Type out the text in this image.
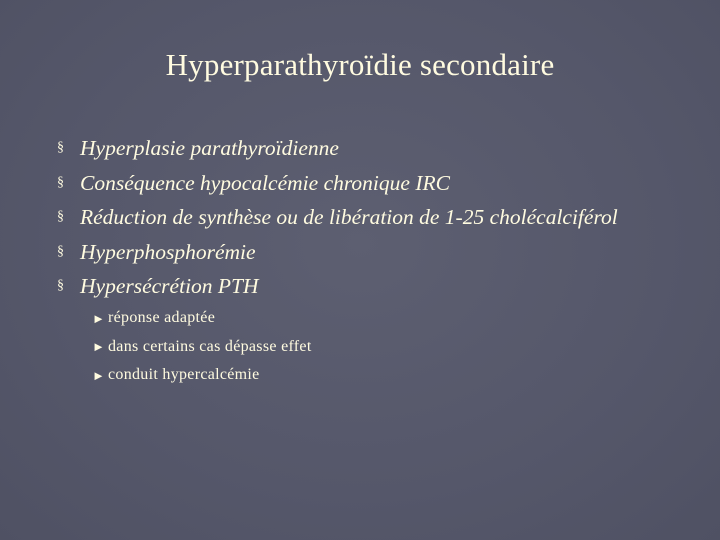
Hyperparathyroïdie secondaire
§ Hyperplasie parathyroïdienne
§ Conséquence hypocalcémie chronique IRC
§ Réduction de synthèse ou de libération de 1-25 cholécalciférol
§ Hyperphosphorémie
§ Hypersécrétion PTH
► réponse adaptée
► dans certains cas dépasse effet
► conduit hypercalcémie
